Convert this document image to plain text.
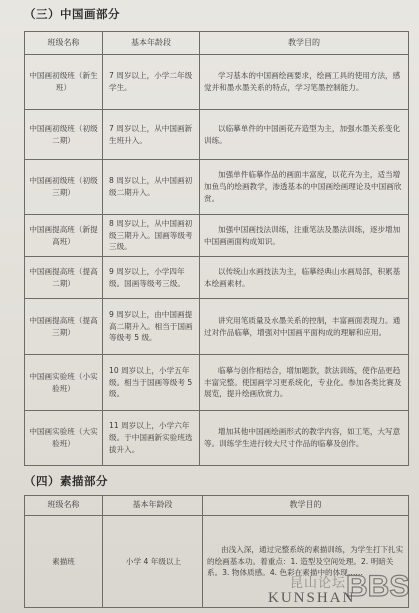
（三）中国画部分
班级名称	基本年龄段	教学目的
中国画初级班（新生班）	7 周岁以上，小学二年级学生。	学习基本的中国画绘画要求，绘画工具的使用方法，感觉并和墨水墨关系的特点，学习笔墨控制能力。
中国画初级班（初级二期）	7 周岁以上，从中国画新生班升入。	以临摹单件的中国画花卉造型为主，加强水墨关系变化训练。
中国画初级班（初级三期）	8 周岁以上，从中国画初级二期升入。	加强单件临摹作品的画面丰富度，以花卉为主，适当增加鱼鸟的绘画教学，渗透基本的中国画绘画理论及中国画欣赏。
中国画提高班（新提高班）	8 周岁以上，从中国画初级三期升入。国画等级考三级。	加强中国画技法训练，注重笔法及墨法训练，逐步增加中国画画面构成知识。
中国画提高班（提高二期）	9 周岁以上，小学四年级。国画等级考三级。	以传统山水画技法为主，临摹经典山水画局部，积累基本绘画素材。
中国画提高班（提高三期）	9 周岁以上，由中国画提高二期升入。相当于国画等级考 5 级。	讲究用笔质量及水墨关系的控制，丰富画面表现力。通过对作品临摹，增强对中国画平面构成的理解和应用。
中国画实验班（小实验班）	10 周岁以上，小学五年级。相当于国画等级考 5 级。	临摹与创作相结合，增加题款，款法训练，使作品更趋丰富完整。使国画学习更系统化，专业化。参加各类比赛及展览，提升绘画欣赏力。
中国画实验班（大实验班）	11 周岁以上，小学六年级。于中国画新实验班选拔升入。	增加其他中国画绘画形式的教学内容，如工笔，大写意等。训练学生进行较大尺寸作品的临摹及创作。
（四）素描部分
班级名称	基本年龄段	教学目的
素描班	小学 4 年级以上	由浅入深，通过完整系统的素描训练，为学生打下扎实的绘画基本功。着重点：1. 造型及空间处理。2. 明暗关系。3. 物体质感。4. 色彩在素描中的体现……
昆山论坛 BBS
KUNSHAN
